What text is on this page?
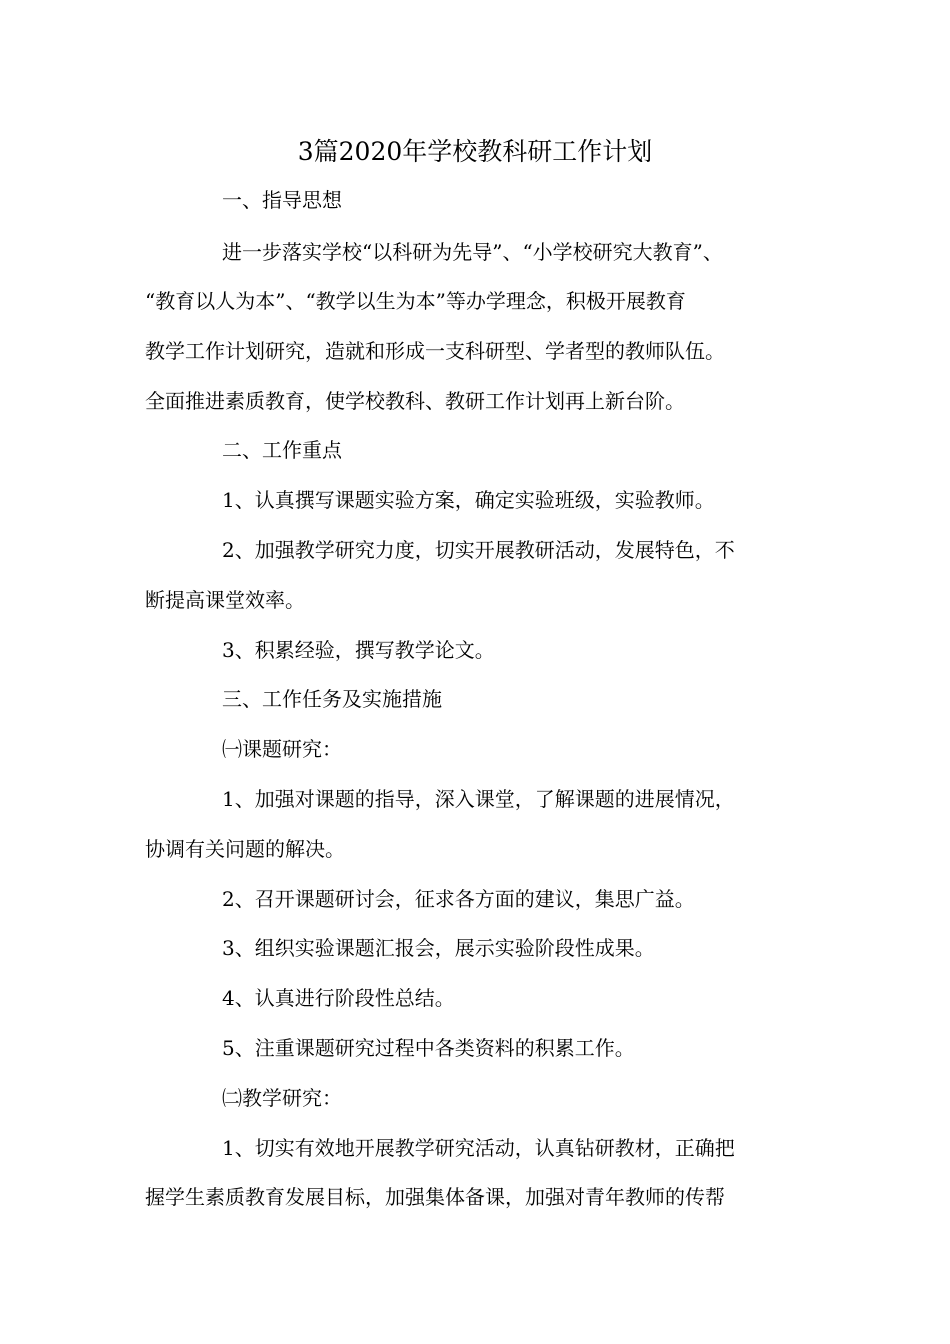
3篇2020年学校教科研工作计划

一、指导思想

进一步落实学校“以科研为先导”、“小学校研究大教育”、

“教育以人为本”、“教学以生为本”等办学理念，积极开展教育

教学工作计划研究，造就和形成一支科研型、学者型的教师队伍。

全面推进素质教育，使学校教科、教研工作计划再上新台阶。

二、工作重点

1、认真撰写课题实验方案，确定实验班级，实验教师。

2、加强教学研究力度，切实开展教研活动，发展特色，不

断提高课堂效率。

3、积累经验，撰写教学论文。

三、工作任务及实施措施

㈠课题研究：

1、加强对课题的指导，深入课堂，了解课题的进展情况，

协调有关问题的解决。

2、召开课题研讨会，征求各方面的建议，集思广益。

3、组织实验课题汇报会，展示实验阶段性成果。

4、认真进行阶段性总结。

5、注重课题研究过程中各类资料的积累工作。

㈡教学研究：

1、切实有效地开展教学研究活动，认真钻研教材，正确把

握学生素质教育发展目标，加强集体备课，加强对青年教师的传帮
